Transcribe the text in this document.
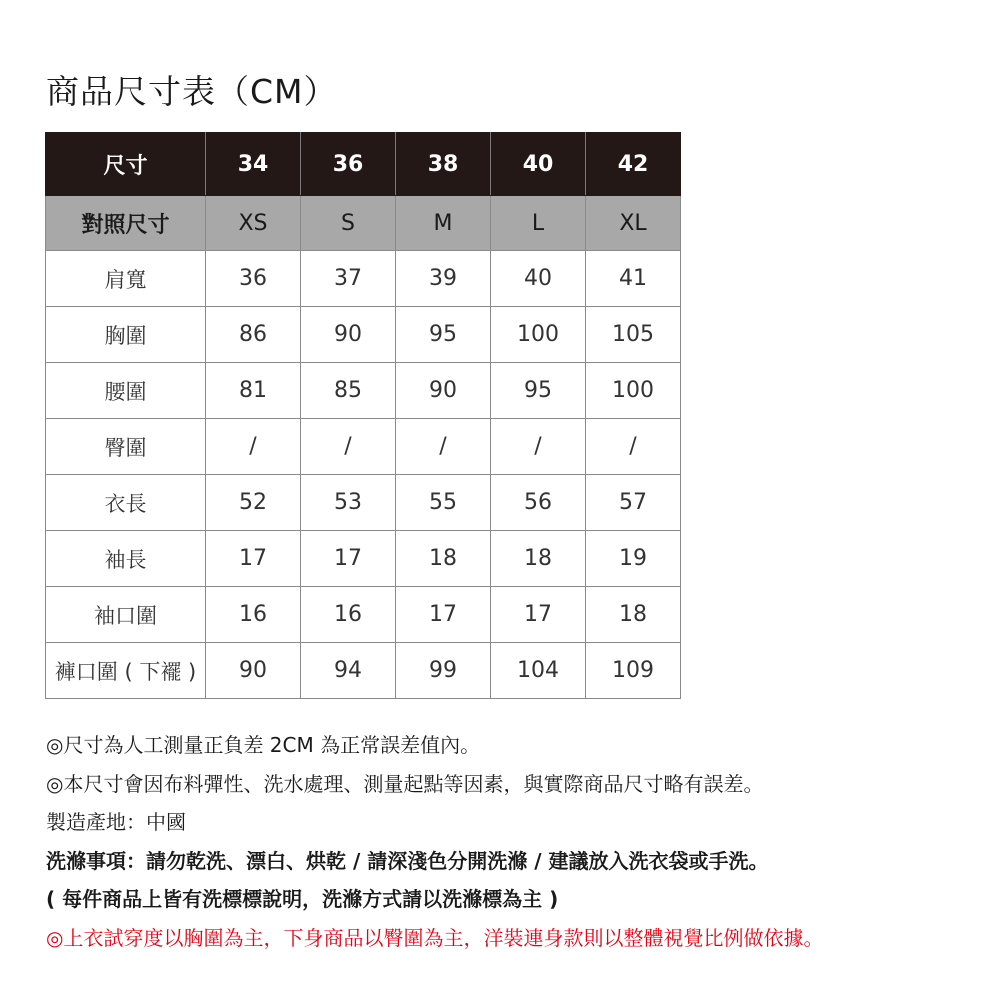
商品尺寸表（CM）
尺寸	34	36	38	40	42
對照尺寸	XS	S	M	L	XL
肩寬	36	37	39	40	41
胸圍	86	90	95	100	105
腰圍	81	85	90	95	100
臀圍	/	/	/	/	/
衣長	52	53	55	56	57
袖長	17	17	18	18	19
袖口圍	16	16	17	17	18
褲口圍 ( 下襬 )	90	94	99	104	109
◎尺寸為人工測量正負差 2CM 為正常誤差值內。
◎本尺寸會因布料彈性、洗水處理、測量起點等因素，與實際商品尺寸略有誤差。
製造產地：中國
洗滌事項：請勿乾洗、漂白、烘乾 / 請深淺色分開洗滌 / 建議放入洗衣袋或手洗。
( 每件商品上皆有洗標標說明，洗滌方式請以洗滌標為主 )
◎上衣試穿度以胸圍為主，下身商品以臀圍為主，洋裝連身款則以整體視覺比例做依據。
